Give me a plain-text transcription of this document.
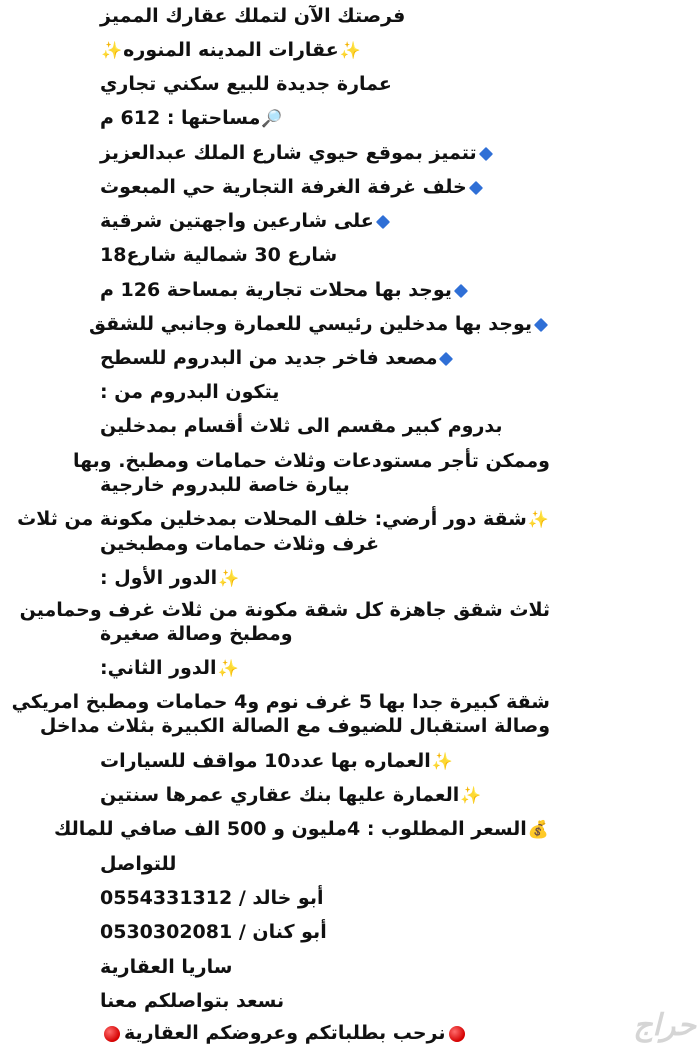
فرصتك الآن لتملك عقارك المميز
✨عقارات المدينه المنوره✨
عمارة جديدة للبيع سكني تجاري
🔎مساحتها : 612 م
تتميز بموقع حيوي شارع الملك عبدالعزيز
خلف غرفة الغرفة التجارية حي المبعوث
على شارعين واجهتين شرقية
شارع 30 شمالية شارع18
يوجد بها محلات تجارية بمساحة 126 م
يوجد بها مدخلين رئيسي للعمارة وجانبي للشقق
مصعد فاخر جديد من البدروم للسطح
يتكون البدروم من :
بدروم كبير مقسم الى ثلاث أقسام بمدخلين
وممكن تأجر مستودعات وثلاث حمامات ومطبخ. وبها
بيارة خاصة للبدروم خارجية
✨شقة دور أرضي: خلف المحلات بمدخلين مكونة من ثلاث
غرف وثلاث حمامات ومطبخين
✨الدور الأول :
ثلاث شقق جاهزة كل شقة مكونة من ثلاث غرف وحمامين
ومطبخ وصالة صغيرة
✨الدور الثاني:
شقة كبيرة جدا بها 5 غرف نوم و4 حمامات ومطبخ امريكي
وصالة استقبال للضيوف مع الصالة الكبيرة بثلاث مداخل
✨العماره بها عدد10 مواقف للسيارات
✨العمارة عليها بنك عقاري عمرها سنتين
💰السعر المطلوب : 4مليون و 500 الف صافي للمالك
للتواصل
أبو خالد / 0554331312
أبو كنان / 0530302081
ساريا العقارية
نسعد بتواصلكم معنا
نرحب بطلباتكم وعروضكم العقارية	حراج
